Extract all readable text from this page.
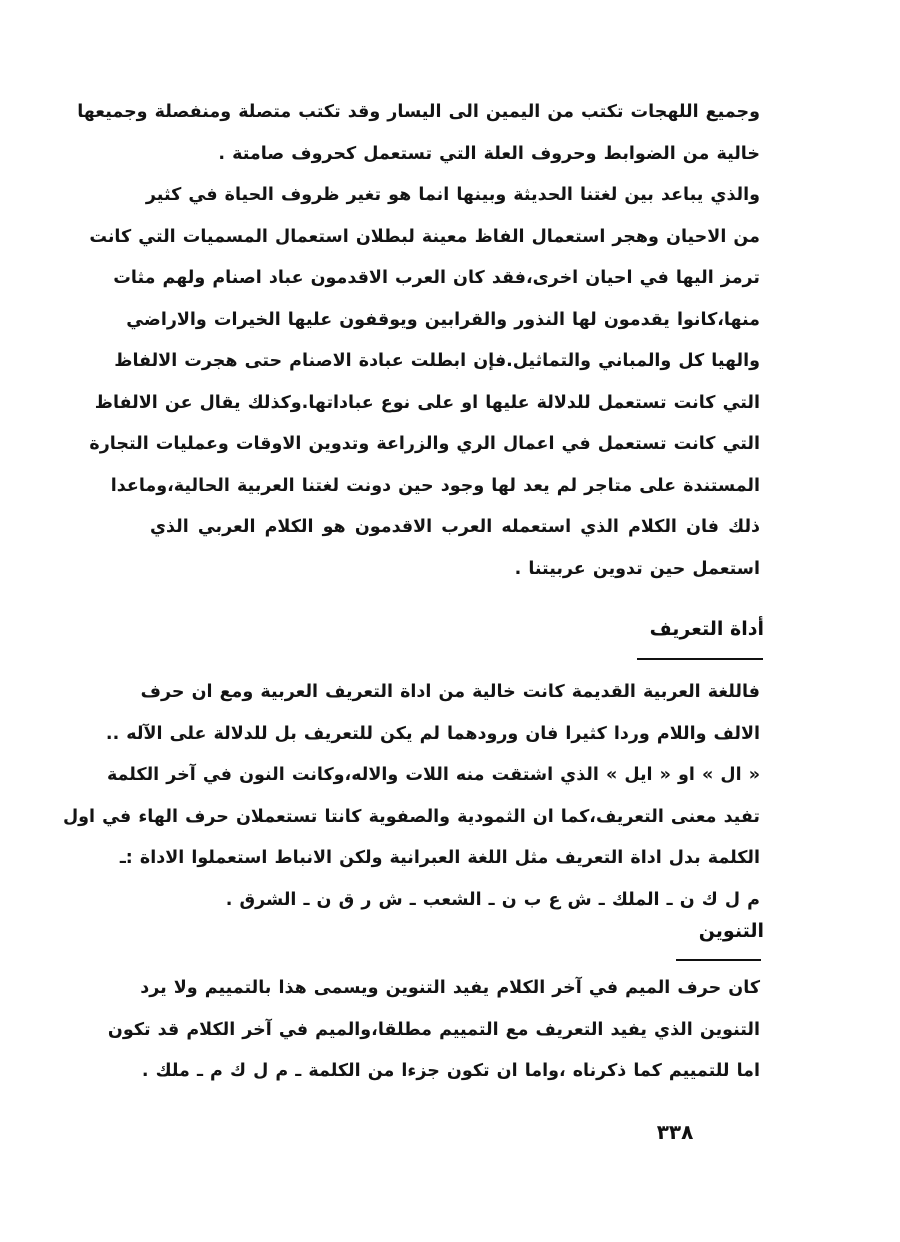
وجميع اللهجات تكتب من اليمين الى اليسار وقد تكتب متصلة ومنفصلة وجميعها
خالية من الضوابط وحروف العلة التي تستعمل كحروف صامتة .
والذي يباعد بين لغتنا الحديثة وبينها انما هو تغير ظروف الحياة في كثير
من الاحيان وهجر استعمال الفاظ معينة لبطلان استعمال المسميات التي كانت
ترمز اليها في احيان اخرى،فقد كان العرب الاقدمون عباد اصنام ولهم مثات
منها،كانوا يقدمون لها النذور والقرابين ويوقفون عليها الخيرات والاراضي
والهيا كل والمباني والتماثيل.فإن ابطلت عبادة الاصنام حتى هجرت الالفاظ
التي كانت تستعمل للدلالة عليها او على نوع عباداتها.وكذلك يقال عن الالفاظ
التي كانت تستعمل في اعمال الري والزراعة وتدوين الاوقات وعمليات التجارة
المستندة على متاجر لم يعد لها وجود حين دونت لغتنا العربية الحالية،وماعدا
ذلك فان الكلام الذي استعمله العرب الاقدمون هو الكلام العربي الذي
استعمل حين تدوين عربيتنا .
أداة التعريف
فاللغة العربية القديمة كانت خالية من اداة التعريف العربية ومع ان حرف
الالف واللام وردا كثيرا فان ورودهما لم يكن للتعريف بل للدلالة على الآله ..
« ال » او « ايل » الذي اشتقت منه اللات والاله،وكانت النون في آخر الكلمة
تفيد معنى التعريف،كما ان الثمودية والصفوية كانتا تستعملان حرف الهاء في اول
الكلمة بدل اداة التعريف مثل اللغة العبرانية ولكن الانباط استعملوا الاداة :ـ
م ل ك ن ـ الملك ـ ش ع ب ن ـ الشعب ـ ش ر ق ن ـ الشرق .
التنوين
كان حرف الميم في آخر الكلام يفيد التنوين ويسمى هذا بالتمييم ولا يرد
التنوين الذي يفيد التعريف مع التمييم مطلقا،والميم في آخر الكلام قد تكون
اما للتمييم كما ذكرناه ،واما ان تكون جزءا من الكلمة ـ م ل ك م ـ ملك .
٣٣٨
